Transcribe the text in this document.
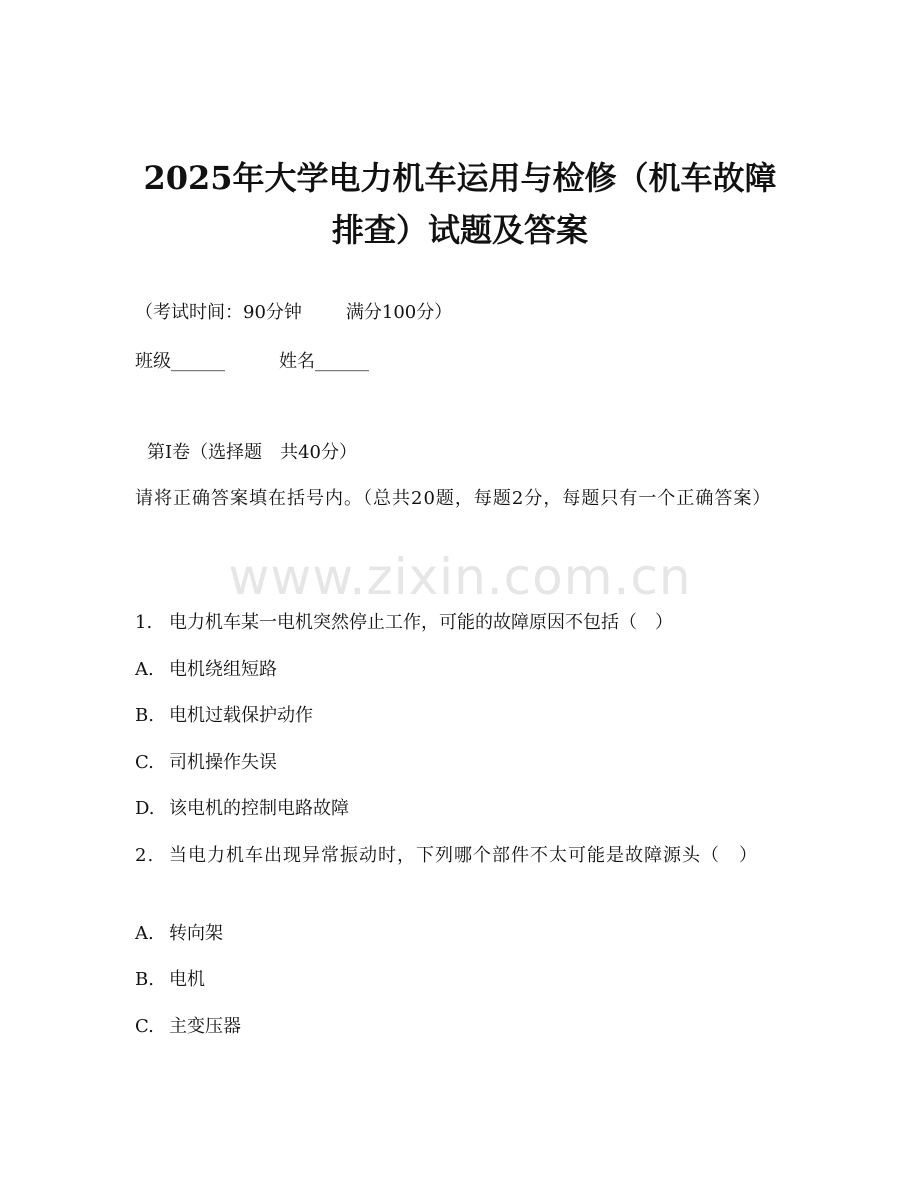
www.zixin.com.cn
2025年大学电力机车运用与检修（机车故障
排查）试题及答案

（考试时间：90分钟 满分100分）

班级______	姓名______

第Ⅰ卷（选择题　共40分）

请将正确答案填在括号内。（总共20题，每题2分，每题只有一个正确答案）

1. 电力机车某一电机突然停止工作，可能的故障原因不包括（　）

A. 电机绕组短路

B. 电机过载保护动作

C. 司机操作失误

D. 该电机的控制电路故障

2. 当电力机车出现异常振动时，下列哪个部件不太可能是故障源头（　）

A. 转向架

B. 电机

C. 主变压器
